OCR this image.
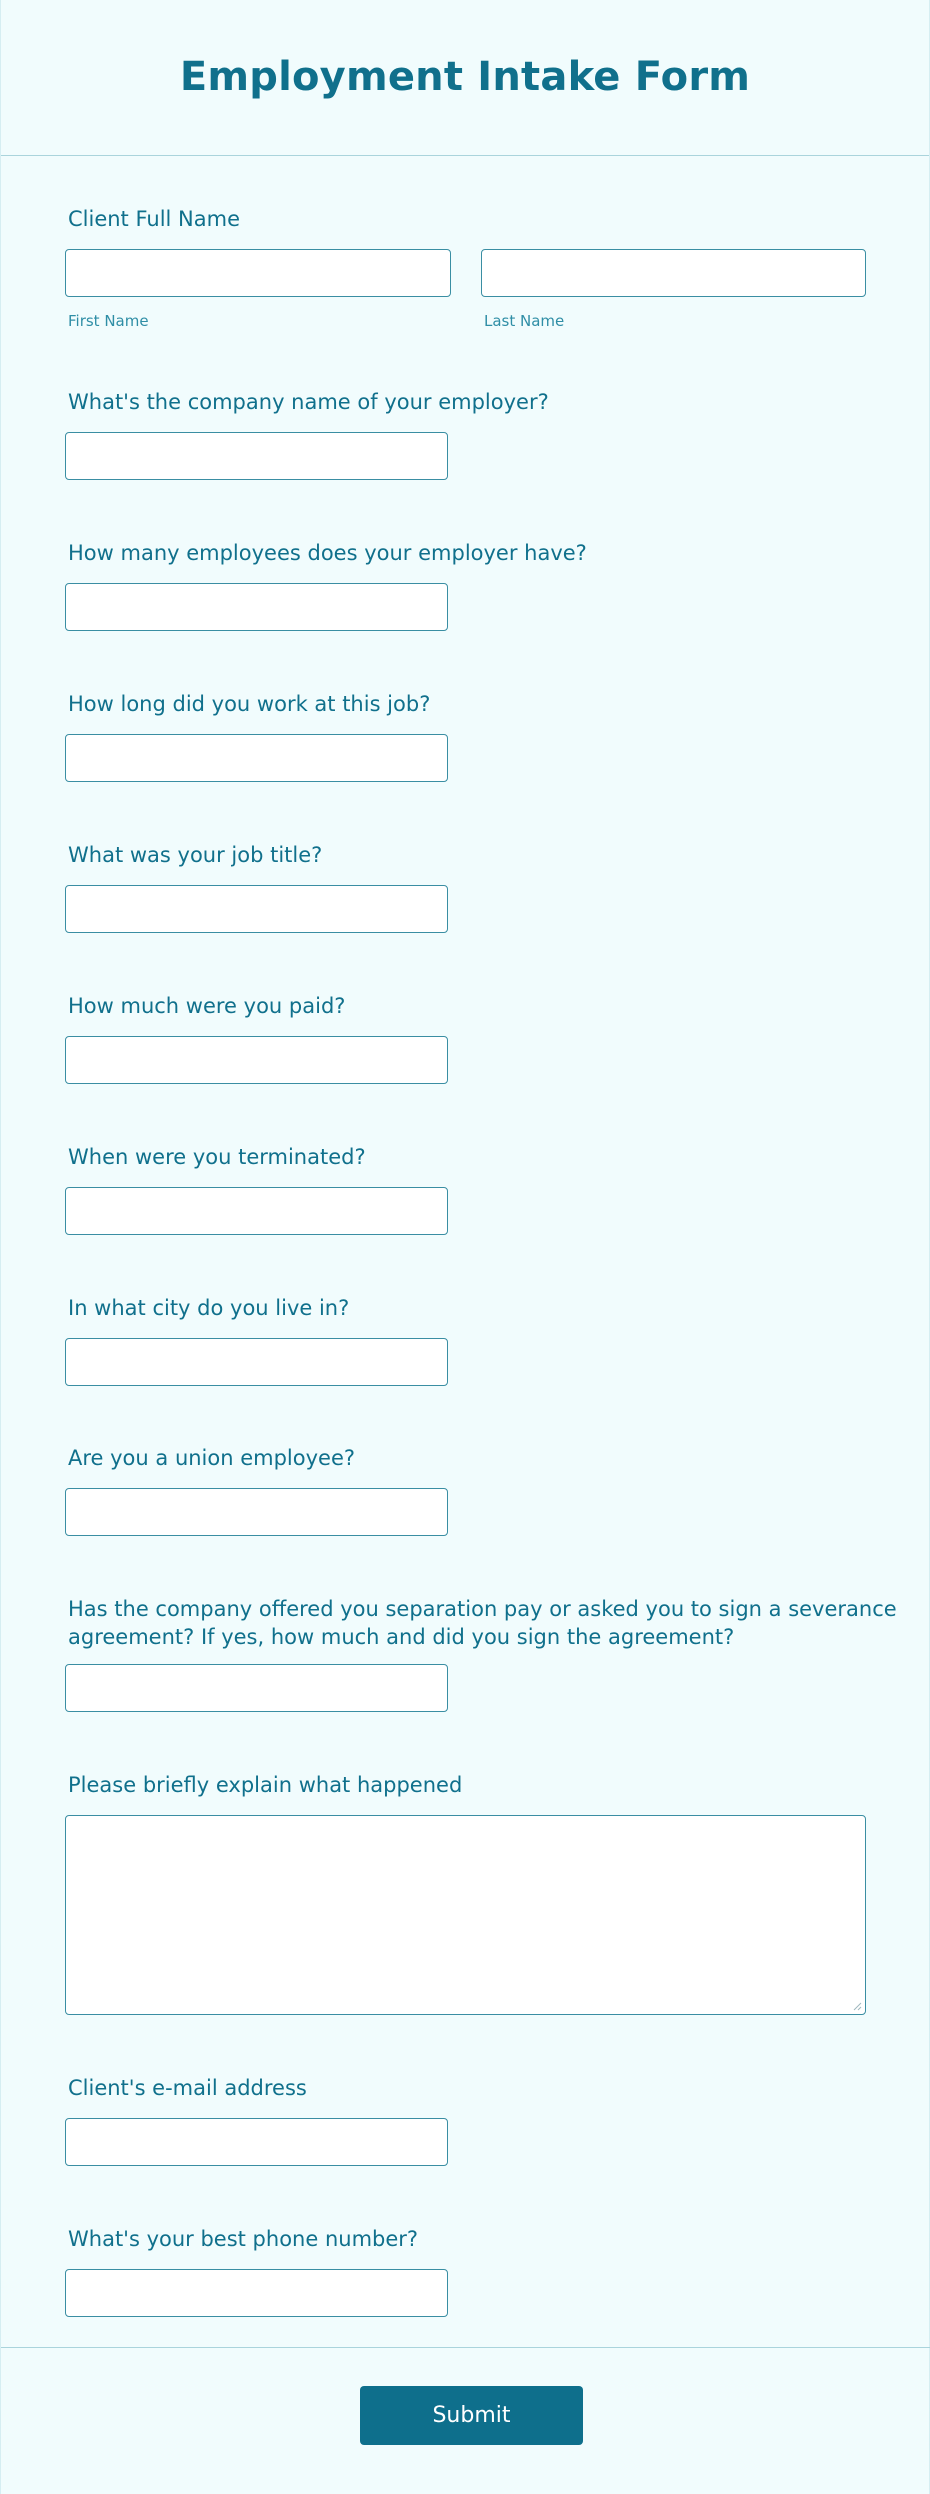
Employment Intake Form
Client Full Name
First Name	Last Name
What's the company name of your employer?
How many employees does your employer have?
How long did you work at this job?
What was your job title?
How much were you paid?
When were you terminated?
In what city do you live in?
Are you a union employee?
Has the company offered you separation pay or asked you to sign a severance
agreement? If yes, how much and did you sign the agreement?
Please briefly explain what happened
Client's e-mail address
What's your best phone number?
Submit
